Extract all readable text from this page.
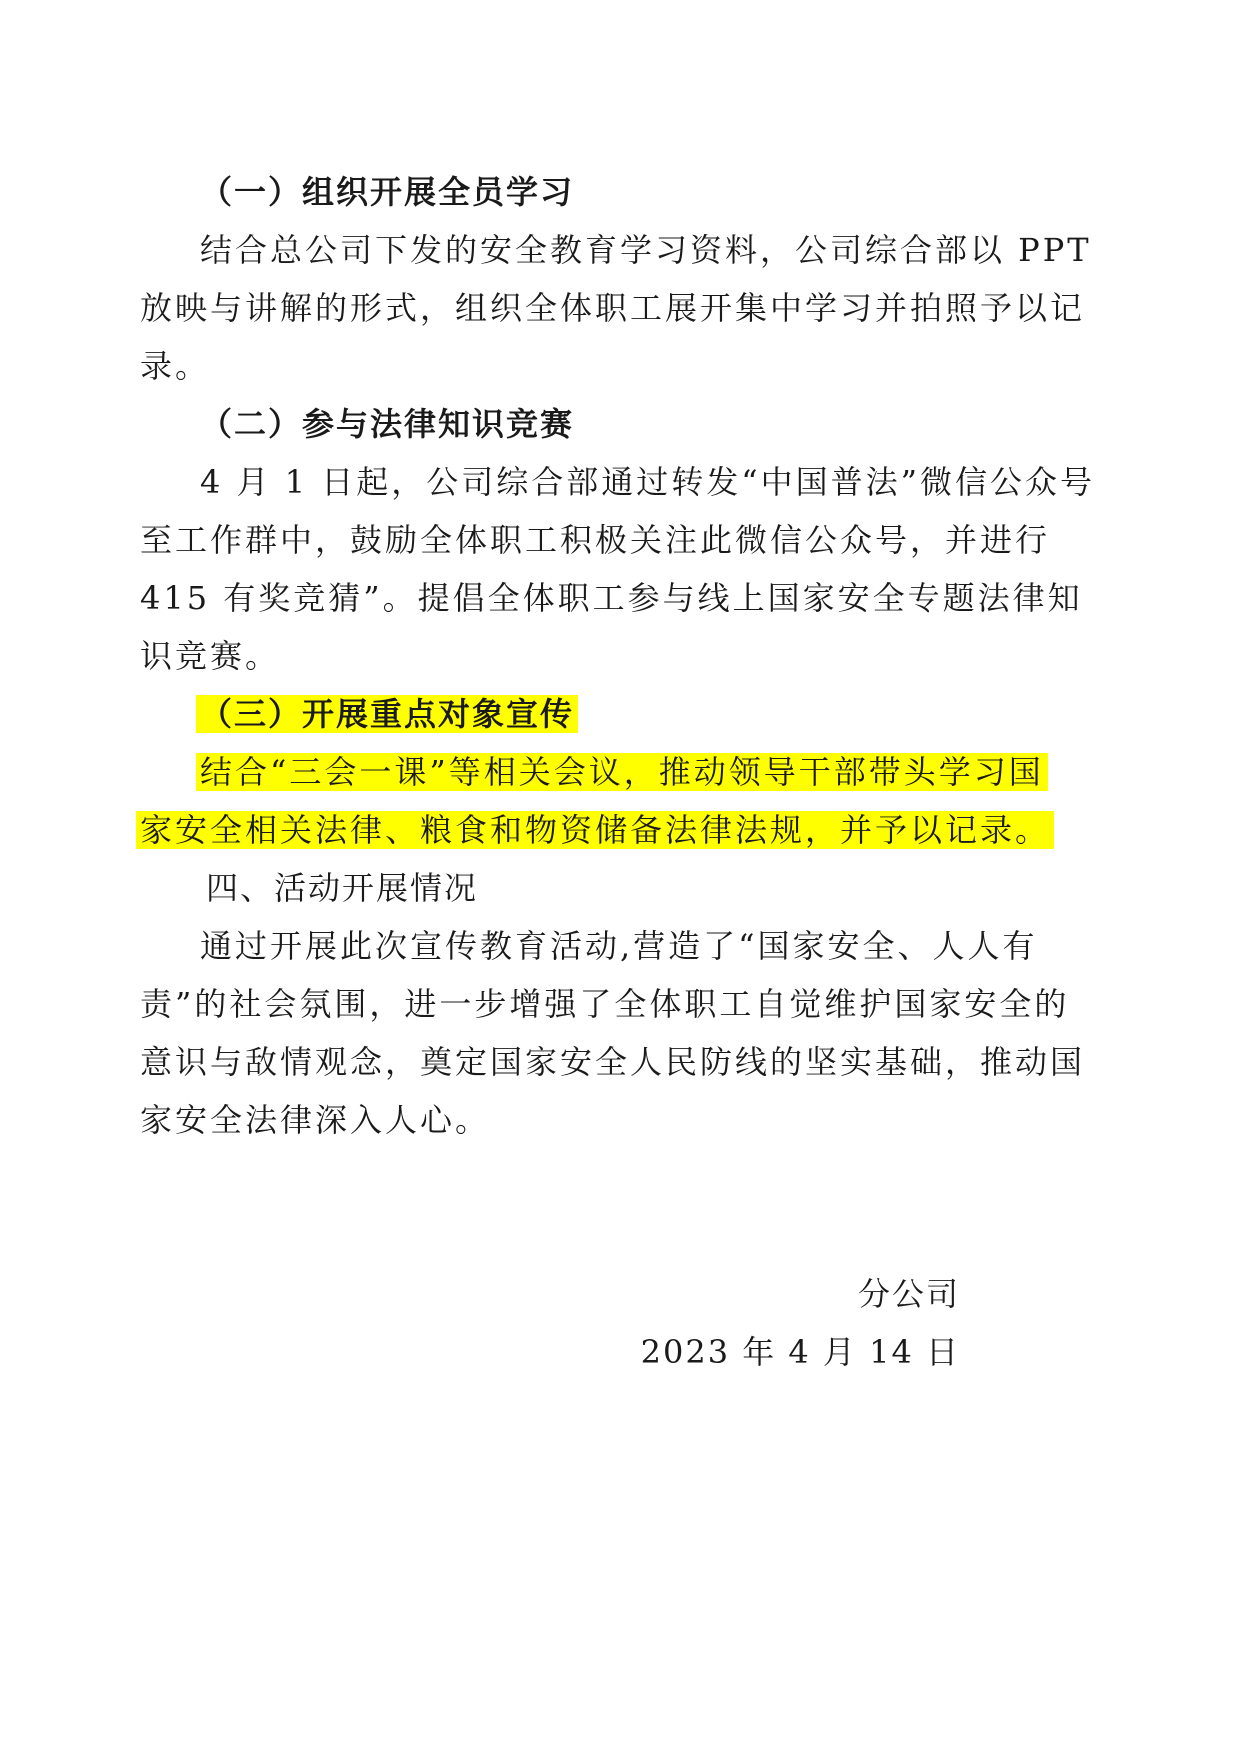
（一）组织开展全员学习
结合总公司下发的安全教育学习资料，公司综合部以 PPT
放映与讲解的形式，组织全体职工展开集中学习并拍照予以记
录。
（二）参与法律知识竞赛
4 月 1 日起，公司综合部通过转发“中国普法”微信公众号
至工作群中，鼓励全体职工积极关注此微信公众号，并进行
415 有奖竞猜”。提倡全体职工参与线上国家安全专题法律知
识竞赛。
（三）开展重点对象宣传
结合“三会一课”等相关会议，推动领导干部带头学习国
家安全相关法律、粮食和物资储备法律法规，并予以记录。
四、活动开展情况
通过开展此次宣传教育活动,营造了“国家安全、人人有
责”的社会氛围，进一步增强了全体职工自觉维护国家安全的
意识与敌情观念，奠定国家安全人民防线的坚实基础，推动国
家安全法律深入人心。
分公司
2023 年 4 月 14 日
